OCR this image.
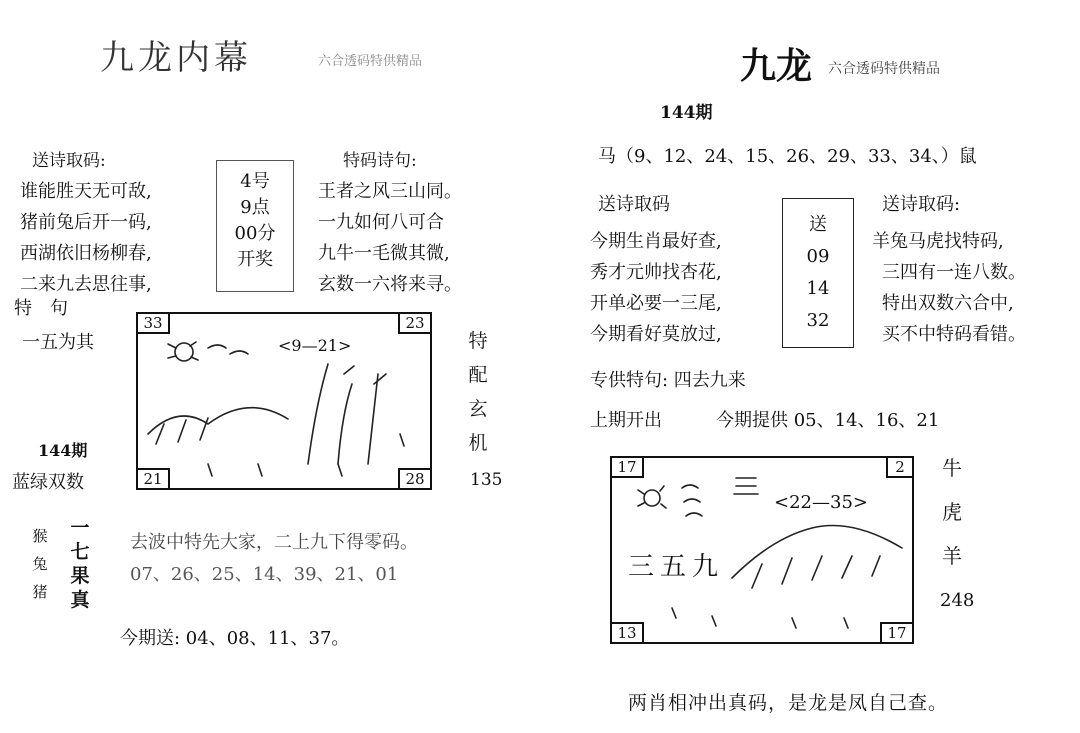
九龙内幕	六合透码特供精品
送诗取码:	特码诗句:
谁能胜天无可敌,
猪前兔后开一码,
西湖依旧杨柳春,
二来九去思往事,
4号
9点
00分
开奖
王者之风三山同。
一九如何八可合
九牛一毛微其微,
玄数一六将来寻。
特　句
一五为其
144期
蓝绿双数
33	23
21	28
<9—21>	特
配
玄
机
135
猴
兔
猪
一
七
果
真
去波中特先大家，二上九下得零码。
07、26、25、14、39、21、01
今期送: 04、08、11、37。
九龙 六合透码特供精品
144期
马（9、12、24、15、26、29、33、34、）鼠
送诗取码	送诗取码:
今期生肖最好查,
秀才元帅找杏花,
开单必要一三尾,
今期看好莫放过,
送
09
14
32
羊兔马虎找特码,
三四有一连八数。
特出双数六合中,
买不中特码看错。
专供特句: 四去九来
上期开出	今期提供 05、14、16、21
17	2
13	17
<22—35>
三五九
牛
虎
羊
248
两肖相冲出真码，是龙是凤自己查。
